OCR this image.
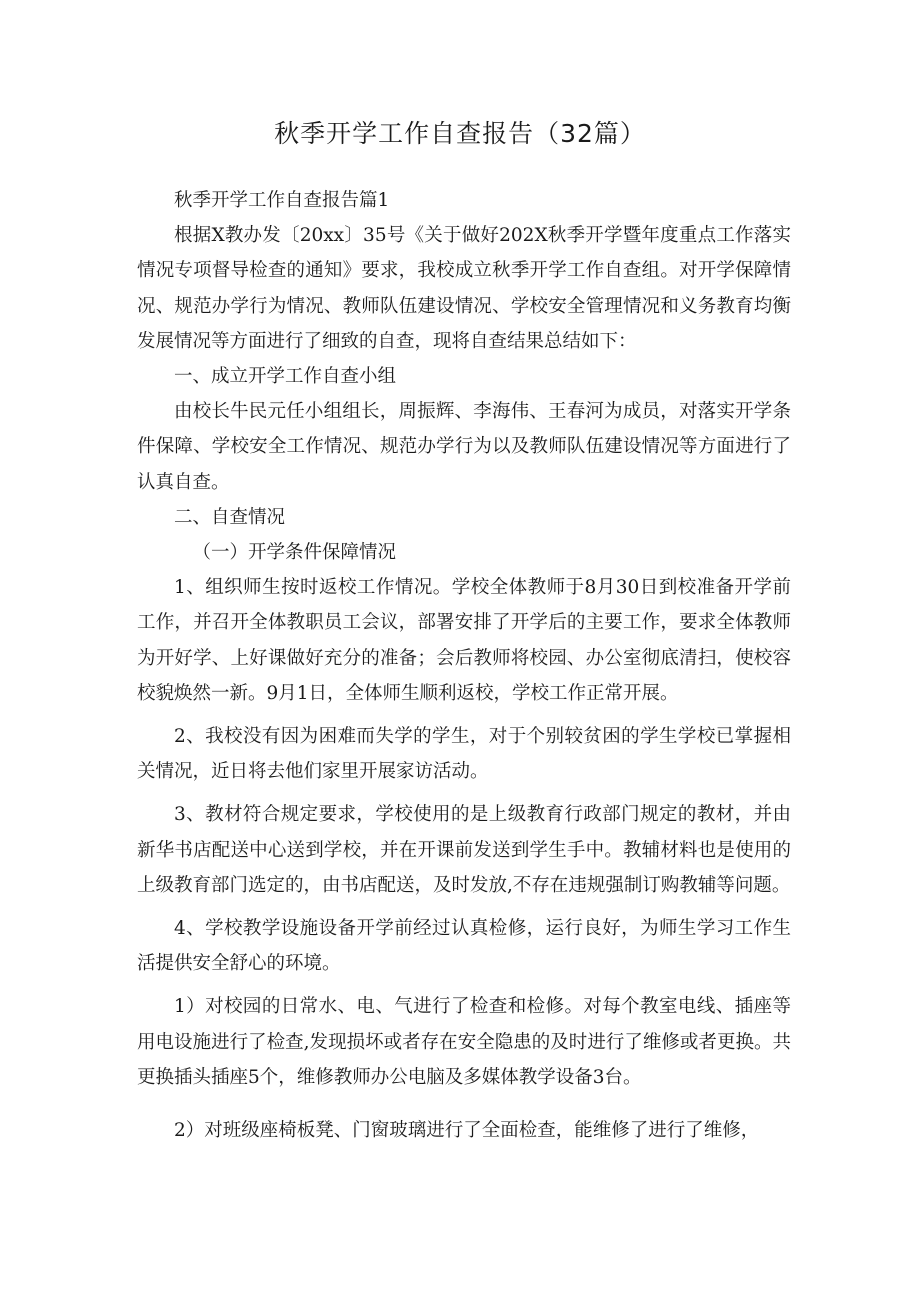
秋季开学工作自查报告（32篇）

秋季开学工作自查报告篇1

根据X教办发〔20xx〕35号《关于做好202X秋季开学暨年度重点工作落实情况专项督导检查的通知》要求，我校成立秋季开学工作自查组。对开学保障情况、规范办学行为情况、教师队伍建设情况、学校安全管理情况和义务教育均衡发展情况等方面进行了细致的自查，现将自查结果总结如下：

一、成立开学工作自查小组

由校长牛民元任小组组长，周振辉、李海伟、王春河为成员，对落实开学条件保障、学校安全工作情况、规范办学行为以及教师队伍建设情况等方面进行了认真自查。

二、自查情况

（一）开学条件保障情况

1、组织师生按时返校工作情况。学校全体教师于8月30日到校准备开学前工作，并召开全体教职员工会议，部署安排了开学后的主要工作，要求全体教师为开好学、上好课做好充分的准备；会后教师将校园、办公室彻底清扫，使校容校貌焕然一新。9月1日，全体师生顺利返校，学校工作正常开展。

2、我校没有因为困难而失学的学生，对于个别较贫困的学生学校已掌握相关情况，近日将去他们家里开展家访活动。

3、教材符合规定要求，学校使用的是上级教育行政部门规定的教材，并由新华书店配送中心送到学校，并在开课前发送到学生手中。教辅材料也是使用的上级教育部门选定的，由书店配送，及时发放,不存在违规强制订购教辅等问题。

4、学校教学设施设备开学前经过认真检修，运行良好，为师生学习工作生活提供安全舒心的环境。

1）对校园的日常水、电、气进行了检查和检修。对每个教室电线、插座等用电设施进行了检查,发现损坏或者存在安全隐患的及时进行了维修或者更换。共更换插头插座5个，维修教师办公电脑及多媒体教学设备3台。

2）对班级座椅板凳、门窗玻璃进行了全面检查，能维修了进行了维修，
